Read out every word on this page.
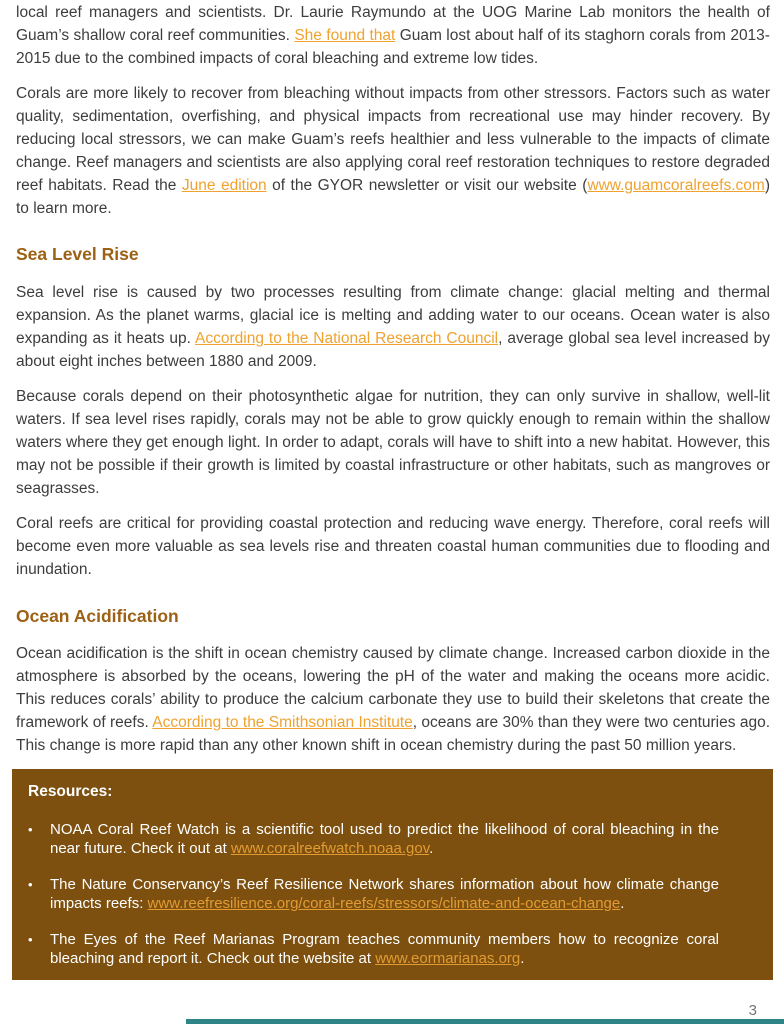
local reef managers and scientists. Dr. Laurie Raymundo at the UOG Marine Lab monitors the health of Guam’s shallow coral reef communities. She found that Guam lost about half of its staghorn corals from 2013-2015 due to the combined impacts of coral bleaching and extreme low tides.

Corals are more likely to recover from bleaching without impacts from other stressors. Factors such as water quality, sedimentation, overfishing, and physical impacts from recreational use may hinder recovery. By reducing local stressors, we can make Guam’s reefs healthier and less vulnerable to the impacts of climate change. Reef managers and scientists are also applying coral reef restoration techniques to restore degraded reef habitats. Read the June edition of the GYOR newsletter or visit our website (www.guamcoralreefs.com) to learn more.

Sea Level Rise

Sea level rise is caused by two processes resulting from climate change: glacial melting and thermal expansion. As the planet warms, glacial ice is melting and adding water to our oceans. Ocean water is also expanding as it heats up. According to the National Research Council, average global sea level increased by about eight inches between 1880 and 2009.

Because corals depend on their photosynthetic algae for nutrition, they can only survive in shallow, well-lit waters. If sea level rises rapidly, corals may not be able to grow quickly enough to remain within the shallow waters where they get enough light. In order to adapt, corals will have to shift into a new habitat. However, this may not be possible if their growth is limited by coastal infrastructure or other habitats, such as mangroves or seagrasses.

Coral reefs are critical for providing coastal protection and reducing wave energy. Therefore, coral reefs will become even more valuable as sea levels rise and threaten coastal human communities due to flooding and inundation.

Ocean Acidification

Ocean acidification is the shift in ocean chemistry caused by climate change. Increased carbon dioxide in the atmosphere is absorbed by the oceans, lowering the pH of the water and making the oceans more acidic. This reduces corals’ ability to produce the calcium carbonate they use to build their skeletons that create the framework of reefs. According to the Smithsonian Institute, oceans are 30% than they were two centuries ago. This change is more rapid than any other known shift in ocean chemistry during the past 50 million years.

Resources:
•	NOAA Coral Reef Watch is a scientific tool used to predict the likelihood of coral bleaching in the near future. Check it out at www.coralreefwatch.noaa.gov.
•	The Nature Conservancy’s Reef Resilience Network shares information about how climate change impacts reefs: www.reefresilience.org/coral-reefs/stressors/climate-and-ocean-change.
•	The Eyes of the Reef Marianas Program teaches community members how to recognize coral bleaching and report it. Check out the website at www.eormarianas.org.
3
